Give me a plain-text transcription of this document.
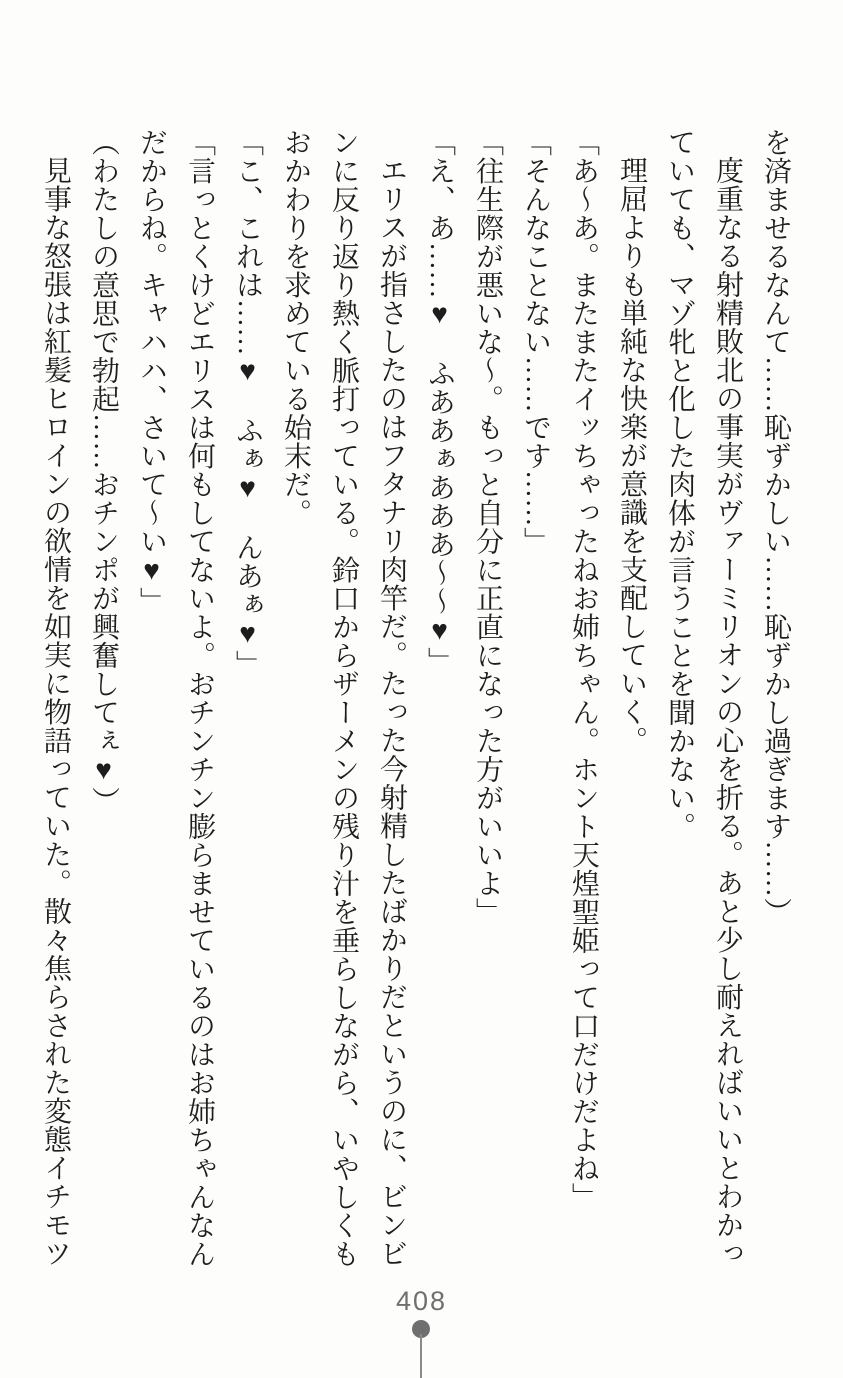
を済ませるなんて……恥ずかしい……恥ずかし過ぎます……）
度重なる射精敗北の事実がヴァーミリオンの心を折る。あと少し耐えればいいとわかっ
ていても、マゾ牝と化した肉体が言うことを聞かない。
理屈よりも単純な快楽が意識を支配していく。
「あ～あ。またまたイッちゃったねお姉ちゃん。ホント天煌聖姫って口だけだよね」
「そんなことない……です……」
「往生際が悪いな～。もっと自分に正直になった方がいいよ」
「え、あ……♥　ふああぁあああ～～♥」
エリスが指さしたのはフタナリ肉竿だ。たった今射精したばかりだというのに、ビンビ
ンに反り返り熱く脈打っている。鈴口からザーメンの残り汁を垂らしながら、いやしくも
おかわりを求めている始末だ。
「こ、これは……♥　ふぁ♥　んあぁ♥」
「言っとくけどエリスは何もしてないよ。おチンチン膨らませているのはお姉ちゃんなん
だからね。キャハハ、さいて～い♥」
（わたしの意思で勃起……おチンポが興奮してぇ♥）
見事な怒張は紅髪ヒロインの欲情を如実に物語っていた。散々焦らされた変態イチモツ
408
